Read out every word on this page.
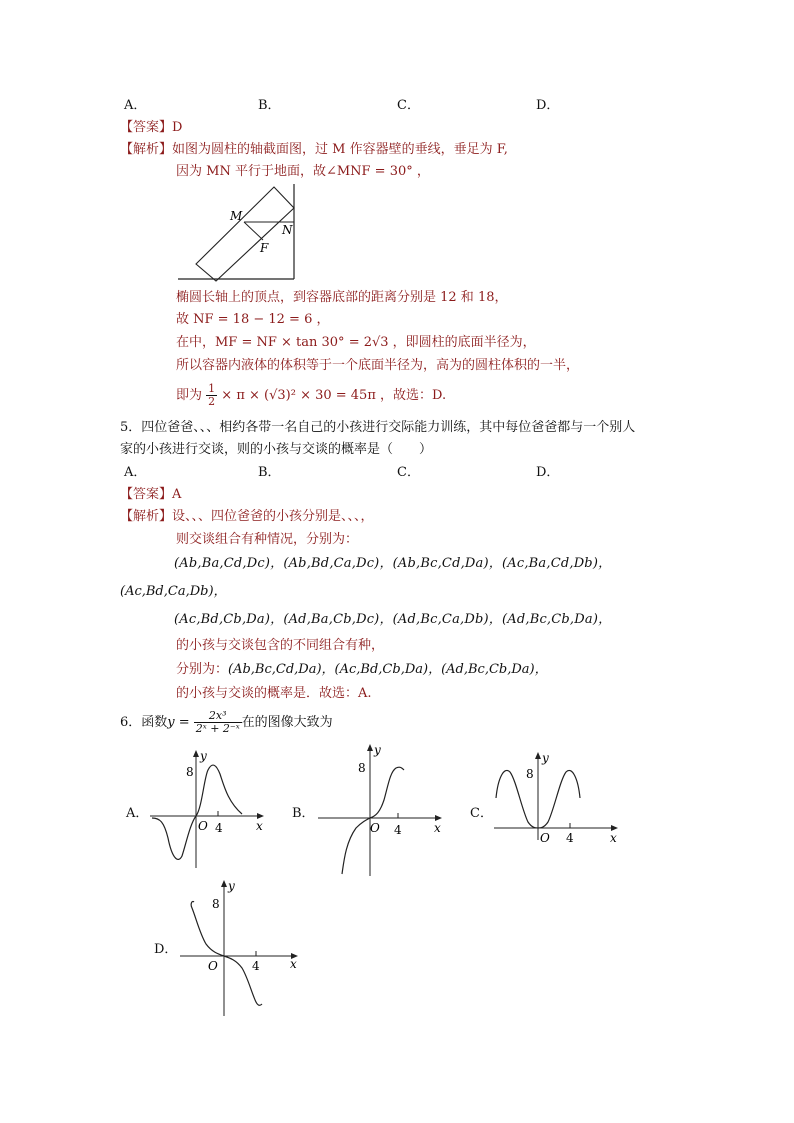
A．	B．	C．	D．
【答案】D
【解析】如图为圆柱的轴截面图，过 M 作容器壁的垂线，垂足为 F,
因为 MN 平行于地面，故∠MNF = 30° ，
M
N
F
椭圆长轴上的顶点，到容器底部的距离分别是 12 和 18，
故 NF = 18 − 12 = 6 ，
在中，MF = NF × tan 30° = 2√3 ，即圆柱的底面半径为，
所以容器内液体的体积等于一个底面半径为，高为的圆柱体积的一半，
即为 $\frac{1}{2} \times \pi \times (√3)^2 \times 30 = 45\pi$ ，故选：D.
5．四位爸爸、、、相约各带一名自己的小孩进行交际能力训练，其中每位爸爸都与一个别人
家的小孩进行交谈，则的小孩与交谈的概率是（　　）
A．	B．	C．	D．
【答案】A
【解析】设、、、四位爸爸的小孩分别是、、、，
则交谈组合有种情况，分别为：
(Ab,Ba,Cd,Dc)，(Ab,Bd,Ca,Dc)，(Ab,Bc,Cd,Da)，(Ac,Ba,Cd,Db)，
(Ac,Bd,Ca,Db)，
(Ac,Bd,Cb,Da)，(Ad,Ba,Cb,Dc)，(Ad,Bc,Ca,Db)，(Ad,Bc,Cb,Da)，
的小孩与交谈包含的不同组合有种，
分别为：(Ab,Bc,Cd,Da)，(Ac,Bd,Cb,Da)，(Ad,Bc,Cb,Da)，
的小孩与交谈的概率是．故选：A.
6．函数$y = \frac{\text{2x³}}{\text{2ˣ + 2⁻ˣ}}$ 在的图像大致为
A．
8
y
O 4	x
B．
8
y
O 4	x
C．
8
y
O 4	x
D．
8
y
O	4	x
